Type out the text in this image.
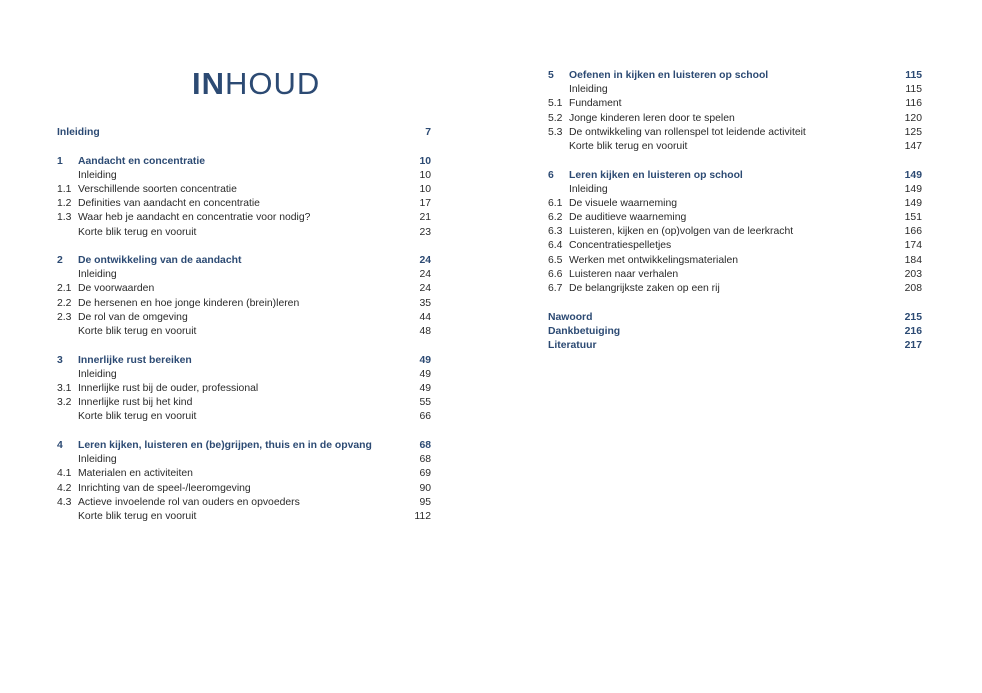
INHOUD
Inleiding	7
1 Aandacht en concentratie	10
Inleiding	10
1.1 Verschillende soorten concentratie	10
1.2 Definities van aandacht en concentratie	17
1.3 Waar heb je aandacht en concentratie voor nodig?	21
Korte blik terug en vooruit	23
2 De ontwikkeling van de aandacht	24
Inleiding	24
2.1 De voorwaarden	24
2.2 De hersenen en hoe jonge kinderen (brein)leren	35
2.3 De rol van de omgeving	44
Korte blik terug en vooruit	48
3 Innerlijke rust bereiken	49
Inleiding	49
3.1 Innerlijke rust bij de ouder, professional	49
3.2 Innerlijke rust bij het kind	55
Korte blik terug en vooruit	66
4 Leren kijken, luisteren en (be)grijpen, thuis en in de opvang	68
Inleiding	68
4.1 Materialen en activiteiten	69
4.2 Inrichting van de speel-/leeromgeving	90
4.3 Actieve invoelende rol van ouders en opvoeders	95
Korte blik terug en vooruit	112
5 Oefenen in kijken en luisteren op school	115
Inleiding	115
5.1 Fundament	116
5.2 Jonge kinderen leren door te spelen	120
5.3 De ontwikkeling van rollenspel tot leidende activiteit	125
Korte blik terug en vooruit	147
6 Leren kijken en luisteren op school	149
Inleiding	149
6.1 De visuele waarneming	149
6.2 De auditieve waarneming	151
6.3 Luisteren, kijken en (op)volgen van de leerkracht	166
6.4 Concentratiespelletjes	174
6.5 Werken met ontwikkelingsmaterialen	184
6.6 Luisteren naar verhalen	203
6.7 De belangrijkste zaken op een rij	208
Nawoord	215
Dankbetuiging	216
Literatuur	217
